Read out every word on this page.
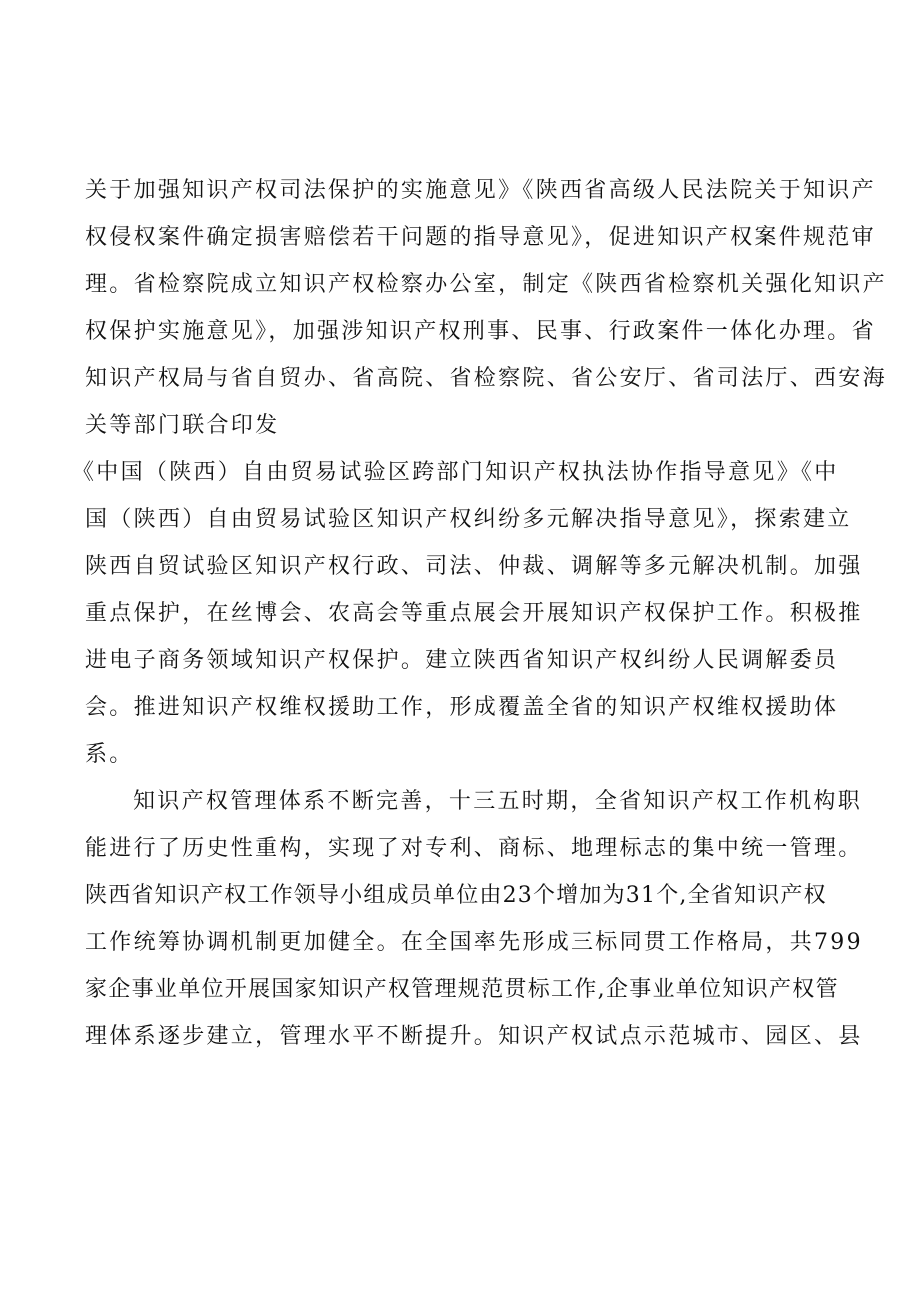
关于加强知识产权司法保护的实施意见》《陕西省高级人民法院关于知识产
权侵权案件确定损害赔偿若干问题的指导意见》，促进知识产权案件规范审
理。省检察院成立知识产权检察办公室，制定《陕西省检察机关强化知识产
权保护实施意见》，加强涉知识产权刑事、民事、行政案件一体化办理。省
知识产权局与省自贸办、省高院、省检察院、省公安厅、省司法厅、西安海
关等部门联合印发
《中国（陕西）自由贸易试验区跨部门知识产权执法协作指导意见》《中
国（陕西）自由贸易试验区知识产权纠纷多元解决指导意见》，探索建立
陕西自贸试验区知识产权行政、司法、仲裁、调解等多元解决机制。加强
重点保护，在丝博会、农高会等重点展会开展知识产权保护工作。积极推
进电子商务领域知识产权保护。建立陕西省知识产权纠纷人民调解委员
会。推进知识产权维权援助工作，形成覆盖全省的知识产权维权援助体
系。
知识产权管理体系不断完善，十三五时期，全省知识产权工作机构职
能进行了历史性重构，实现了对专利、商标、地理标志的集中统一管理。
陕西省知识产权工作领导小组成员单位由23个增加为31个,全省知识产权
工作统筹协调机制更加健全。在全国率先形成三标同贯工作格局，共799
家企事业单位开展国家知识产权管理规范贯标工作,企事业单位知识产权管
理体系逐步建立，管理水平不断提升。知识产权试点示范城市、园区、县
